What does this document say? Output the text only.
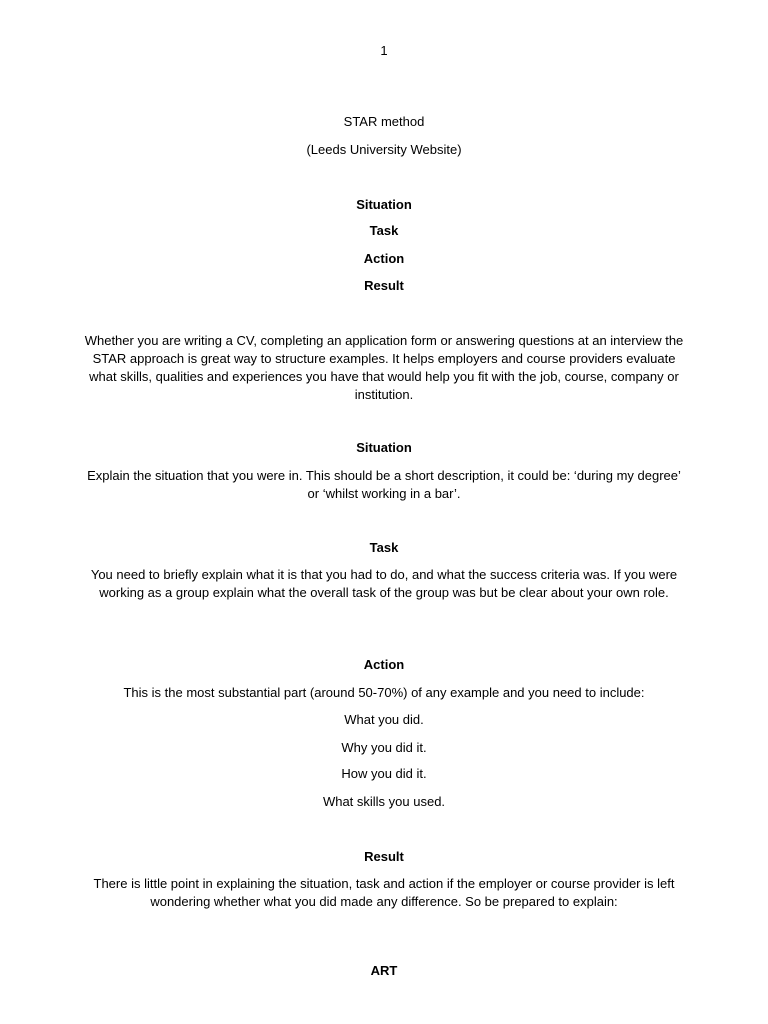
1
STAR method
(Leeds University Website)
Situation
Task
Action
Result
Whether you are writing a CV, completing an application form or answering questions at an interview the STAR approach is great way to structure examples. It helps employers and course providers evaluate what skills, qualities and experiences you have that would help you fit with the job, course, company or institution.
Situation
Explain the situation that you were in. This should be a short description, it could be: ‘during my degree’ or ‘whilst working in a bar’.
Task
You need to briefly explain what it is that you had to do, and what the success criteria was. If you were working as a group explain what the overall task of the group was but be clear about your own role.
Action
This is the most substantial part (around 50-70%) of any example and you need to include:
What you did.
Why you did it.
How you did it.
What skills you used.
Result
There is little point in explaining the situation, task and action if the employer or course provider is left wondering whether what you did made any difference. So be prepared to explain:
ART
